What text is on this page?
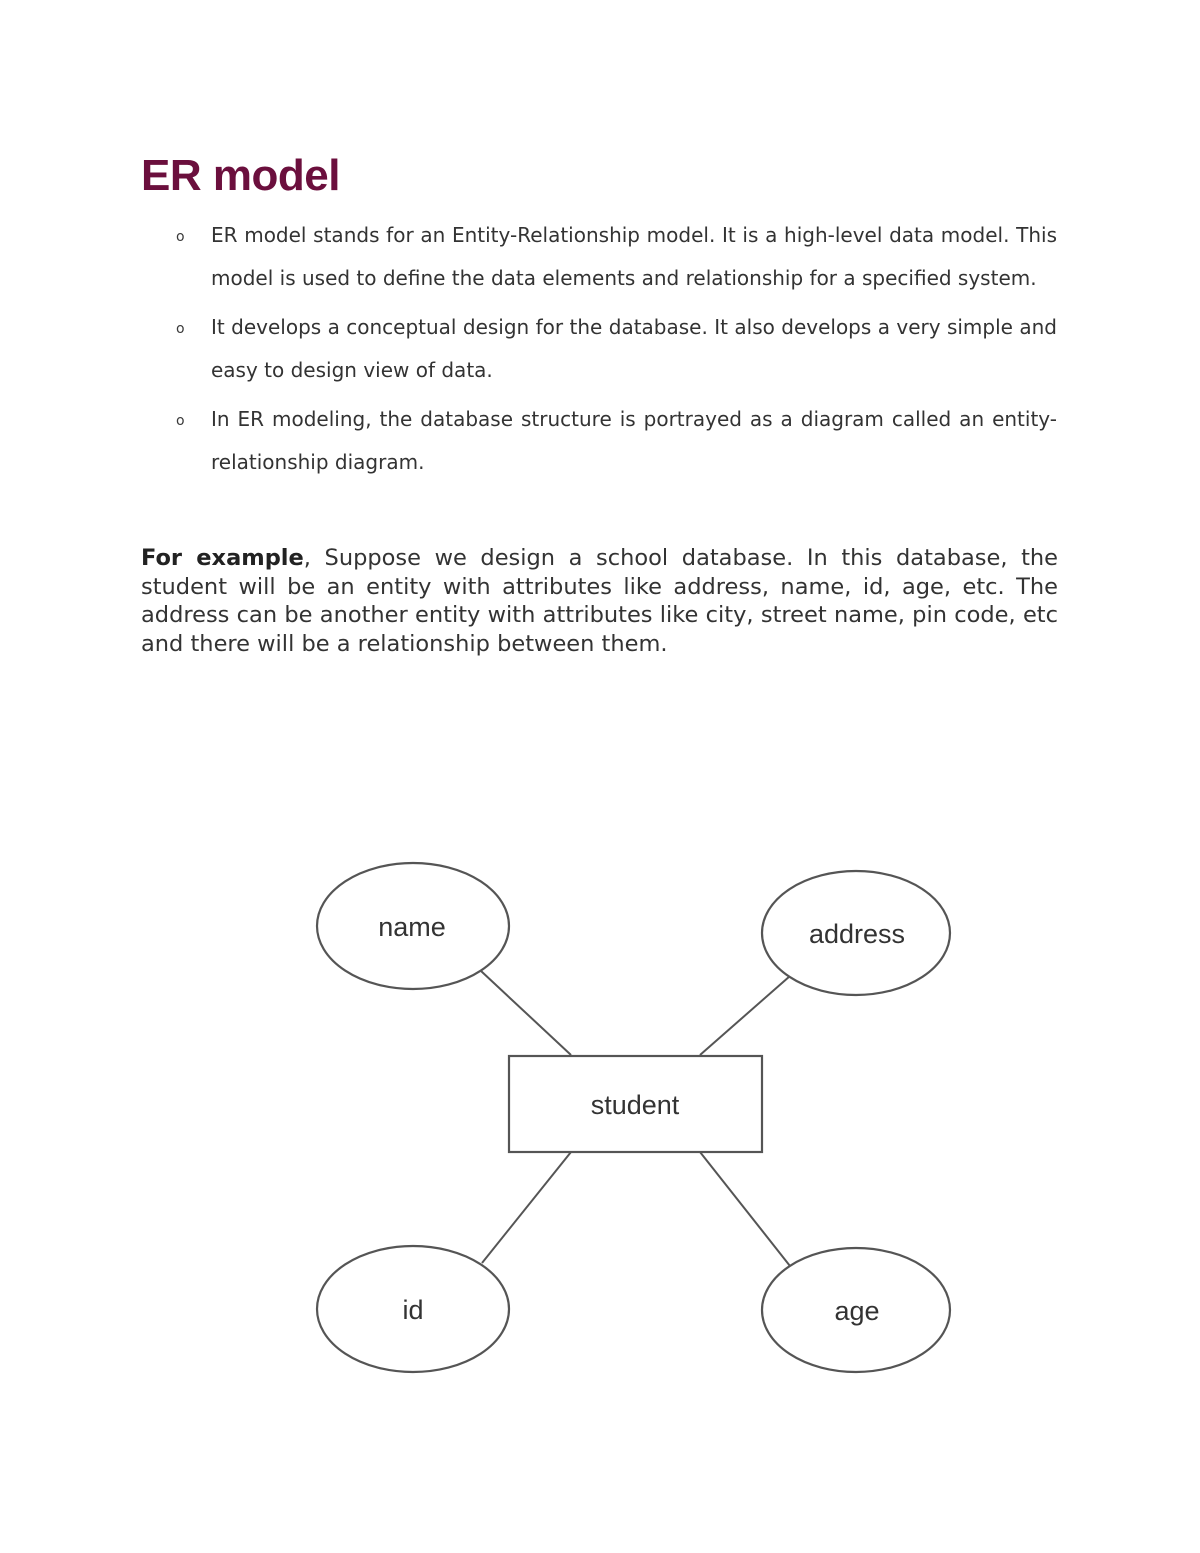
ER model
o ER model stands for an Entity-Relationship model. It is a high-level data model. This model is used to define the data elements and relationship for a specified system.
o It develops a conceptual design for the database. It also develops a very simple and easy to design view of data.
o In ER modeling, the database structure is portrayed as a diagram called an entity-relationship diagram.

For example, Suppose we design a school database. In this database, the student will be an entity with attributes like address, name, id, age, etc. The address can be another entity with attributes like city, street name, pin code, etc and there will be a relationship between them.

name	address
student
id	age
